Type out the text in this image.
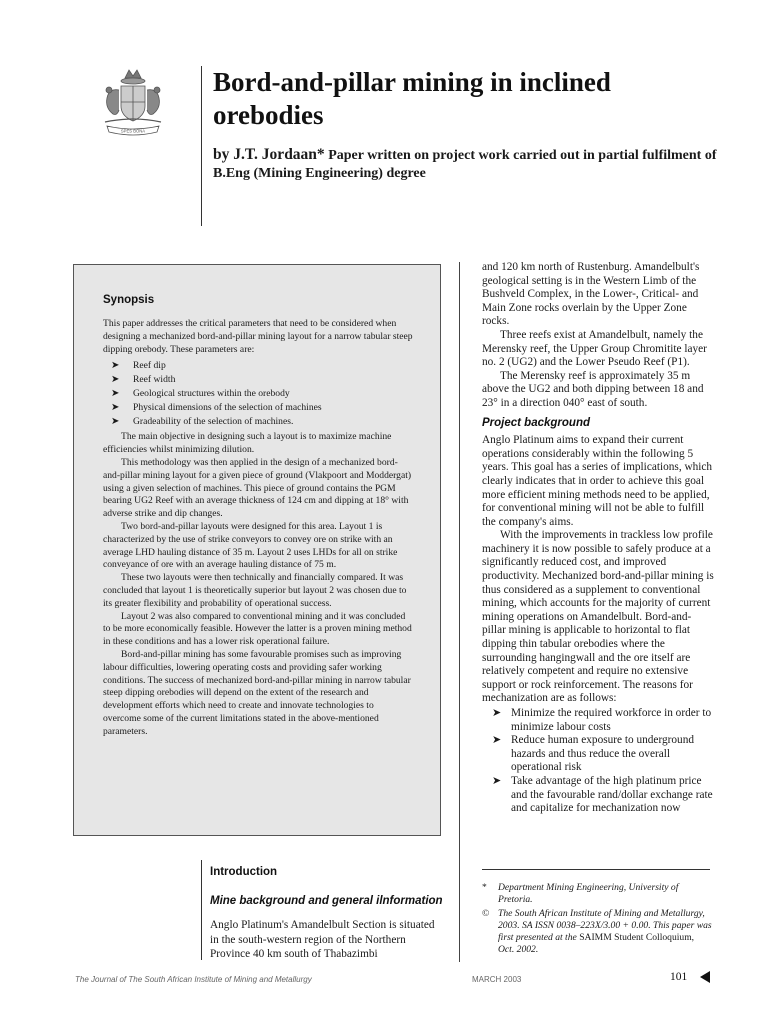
SPES BONA
Bord-and-pillar mining in inclined orebodies
by J.T. Jordaan* Paper written on project work carried out in partial fulfilment of B.Eng (Mining Engineering) degree
Synopsis

This paper addresses the critical parameters that need to be considered when designing a mechanized bord-and-pillar mining layout for a narrow tabular steep dipping orebody. These parameters are:

➤ Reef dip
➤ Reef width
➤ Geological structures within the orebody
➤ Physical dimensions of the selection of machines
➤ Gradeability of the selection of machines.

The main objective in designing such a layout is to maximize machine efficiencies whilst minimizing dilution.

This methodology was then applied in the design of a mechanized bord-and-pillar mining layout for a given piece of ground (Vlakpoort and Moddergat) using a given selection of machines. This piece of ground contains the PGM bearing UG2 Reef with an average thickness of 124 cm and dipping at 18° with adverse strike and dip changes.

Two bord-and-pillar layouts were designed for this area. Layout 1 is characterized by the use of strike conveyors to convey ore on strike with an average LHD hauling distance of 35 m. Layout 2 uses LHDs for all on strike conveyance of ore with an average hauling distance of 75 m.

These two layouts were then technically and financially compared. It was concluded that layout 1 is theoretically superior but layout 2 was chosen due to its greater flexibility and probability of operational success.

Layout 2 was also compared to conventional mining and it was concluded to be more economically feasible. However the latter is a proven mining method in these conditions and has a lower risk operational failure.

Bord-and-pillar mining has some favourable promises such as improving labour difficulties, lowering operating costs and providing safer working conditions. The success of mechanized bord-and-pillar mining in narrow tabular steep dipping orebodies will depend on the extent of the research and development efforts which need to create and innovate technologies to overcome some of the current limitations stated in the above-mentioned parameters.

and 120 km north of Rustenburg. Amandelbult's geological setting is in the Western Limb of the Bushveld Complex, in the Lower-, Critical- and Main Zone rocks overlain by the Upper Zone rocks.

Three reefs exist at Amandelbult, namely the Merensky reef, the Upper Group Chromitite layer no. 2 (UG2) and the Lower Pseudo Reef (P1).

The Merensky reef is approximately 35 m above the UG2 and both dipping between 18 and 23° in a direction 040° east of south.

Project background

Anglo Platinum aims to expand their current operations considerably within the following 5 years. This goal has a series of implications, which clearly indicates that in order to achieve this goal more efficient mining methods need to be applied, for conventional mining will not be able to fulfill the company's aims.

With the improvements in trackless low profile machinery it is now possible to safely produce at a significantly reduced cost, and improved productivity. Mechanized bord-and-pillar mining is thus considered as a supplement to conventional mining, which accounts for the majority of current mining operations on Amandelbult. Bord-and-pillar mining is applicable to horizontal to flat dipping thin tabular orebodies where the surrounding hangingwall and the ore itself are relatively competent and require no extensive support or rock reinforcement. The reasons for mechanization are as follows:

➤ Minimize the required workforce in order to minimize labour costs
➤ Reduce human exposure to underground hazards and thus reduce the overall operational risk
➤ Take advantage of the high platinum price and the favourable rand/dollar exchange rate and capitalize for mechanization now

* Department Mining Engineering, University of Pretoria.

© The South African Institute of Mining and Metallurgy, 2003. SA ISSN 0038–223X/3.00 + 0.00. This paper was first presented at the SAIMM Student Colloquium, Oct. 2002.

Introduction
Mine background and general ilnformation

Anglo Platinum's Amandelbult Section is situated in the south-western region of the Northern Province 40 km south of Thabazimbi

The Journal of The South African Institute of Mining and Metallurgy	MARCH 2003	101
